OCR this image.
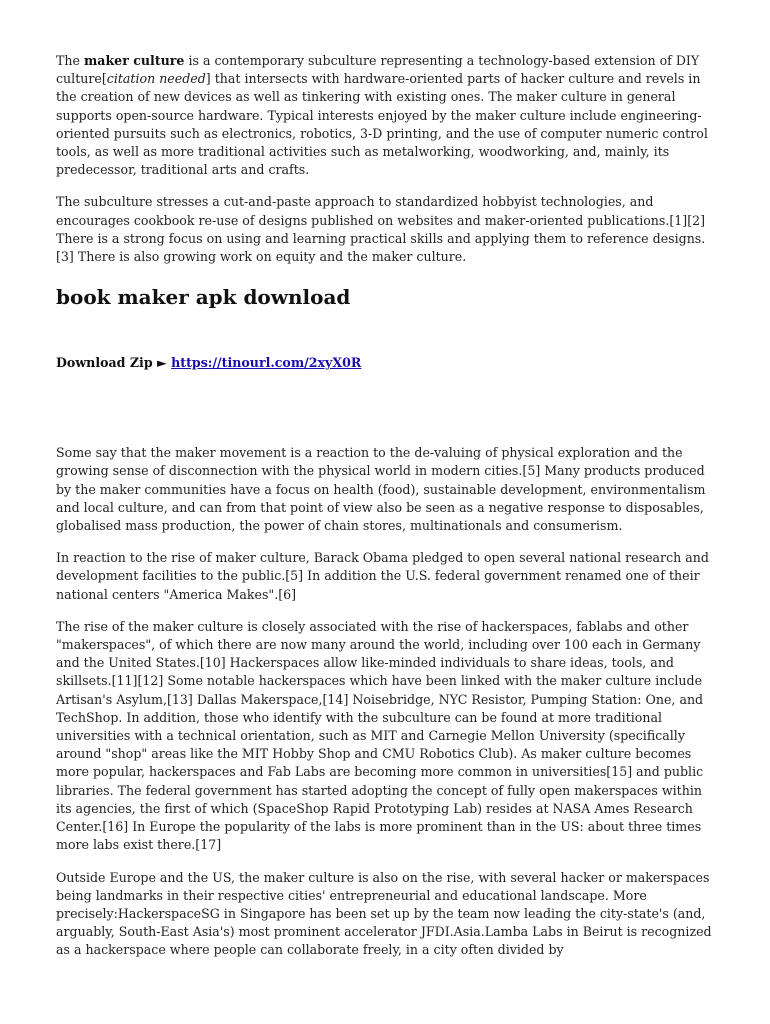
The maker culture is a contemporary subculture representing a technology-based extension of DIY culture[citation needed] that intersects with hardware-oriented parts of hacker culture and revels in the creation of new devices as well as tinkering with existing ones. The maker culture in general supports open-source hardware. Typical interests enjoyed by the maker culture include engineering-oriented pursuits such as electronics, robotics, 3-D printing, and the use of computer numeric control tools, as well as more traditional activities such as metalworking, woodworking, and, mainly, its predecessor, traditional arts and crafts.

The subculture stresses a cut-and-paste approach to standardized hobbyist technologies, and encourages cookbook re-use of designs published on websites and maker-oriented publications.[1][2] There is a strong focus on using and learning practical skills and applying them to reference designs.[3] There is also growing work on equity and the maker culture.

book maker apk download

Download Zip ► https://tinourl.com/2xyX0R

Some say that the maker movement is a reaction to the de-valuing of physical exploration and the growing sense of disconnection with the physical world in modern cities.[5] Many products produced by the maker communities have a focus on health (food), sustainable development, environmentalism and local culture, and can from that point of view also be seen as a negative response to disposables, globalised mass production, the power of chain stores, multinationals and consumerism.

In reaction to the rise of maker culture, Barack Obama pledged to open several national research and development facilities to the public.[5] In addition the U.S. federal government renamed one of their national centers "America Makes".[6]

The rise of the maker culture is closely associated with the rise of hackerspaces, fablabs and other "makerspaces", of which there are now many around the world, including over 100 each in Germany and the United States.[10] Hackerspaces allow like-minded individuals to share ideas, tools, and skillsets.[11][12] Some notable hackerspaces which have been linked with the maker culture include Artisan's Asylum,[13] Dallas Makerspace,[14] Noisebridge, NYC Resistor, Pumping Station: One, and TechShop. In addition, those who identify with the subculture can be found at more traditional universities with a technical orientation, such as MIT and Carnegie Mellon University (specifically around "shop" areas like the MIT Hobby Shop and CMU Robotics Club). As maker culture becomes more popular, hackerspaces and Fab Labs are becoming more common in universities[15] and public libraries. The federal government has started adopting the concept of fully open makerspaces within its agencies, the first of which (SpaceShop Rapid Prototyping Lab) resides at NASA Ames Research Center.[16] In Europe the popularity of the labs is more prominent than in the US: about three times more labs exist there.[17]

Outside Europe and the US, the maker culture is also on the rise, with several hacker or makerspaces being landmarks in their respective cities' entrepreneurial and educational landscape. More precisely:HackerspaceSG in Singapore has been set up by the team now leading the city-state's (and, arguably, South-East Asia's) most prominent accelerator JFDI.Asia.Lamba Labs in Beirut is recognized as a hackerspace where people can collaborate freely, in a city often divided by
